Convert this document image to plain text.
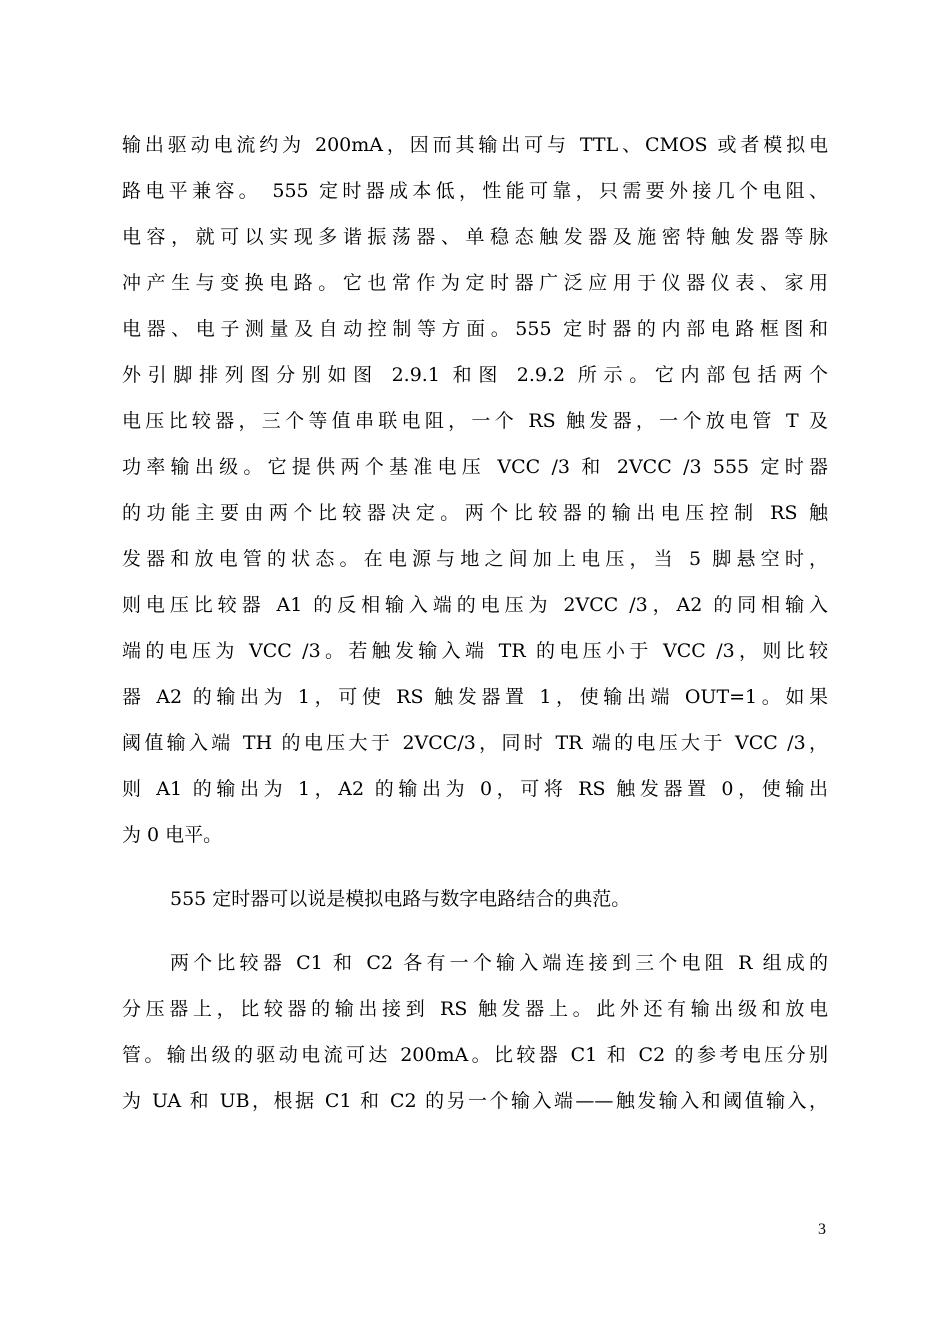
输出驱动电流约为 200mA，因而其输出可与 TTL、CMOS 或者模拟电
路电平兼容。 555 定时器成本低，性能可靠，只需要外接几个电阻、
电容，就可以实现多谐振荡器、单稳态触发器及施密特触发器等脉
冲产生与变换电路。它也常作为定时器广泛应用于仪器仪表、家用
电器、电子测量及自动控制等方面。555 定时器的内部电路框图和
外引脚排列图分别如图 2.9.1 和图 2.9.2 所示。它内部包括两个
电压比较器，三个等值串联电阻，一个 RS 触发器，一个放电管 T 及
功率输出级。它提供两个基准电压 VCC /3 和 2VCC /3 555 定时器
的功能主要由两个比较器决定。两个比较器的输出电压控制 RS 触
发器和放电管的状态。在电源与地之间加上电压，当 5 脚悬空时，
则电压比较器 A1 的反相输入端的电压为 2VCC /3，A2 的同相输入
端的电压为 VCC /3。若触发输入端 TR 的电压小于 VCC /3，则比较
器 A2 的输出为 1，可使 RS 触发器置 1，使输出端 OUT=1。如果
阈值输入端 TH 的电压大于 2VCC/3，同时 TR 端的电压大于 VCC /3，
则 A1 的输出为 1，A2 的输出为 0，可将 RS 触发器置 0，使输出
为 0 电平。
555 定时器可以说是模拟电路与数字电路结合的典范。
两个比较器 C1 和 C2 各有一个输入端连接到三个电阻 R 组成的
分压器上，比较器的输出接到 RS 触发器上。此外还有输出级和放电
管。输出级的驱动电流可达 200mA。比较器 C1 和 C2 的参考电压分别
为 UA 和 UB，根据 C1 和 C2 的另一个输入端——触发输入和阈值输入，
3
